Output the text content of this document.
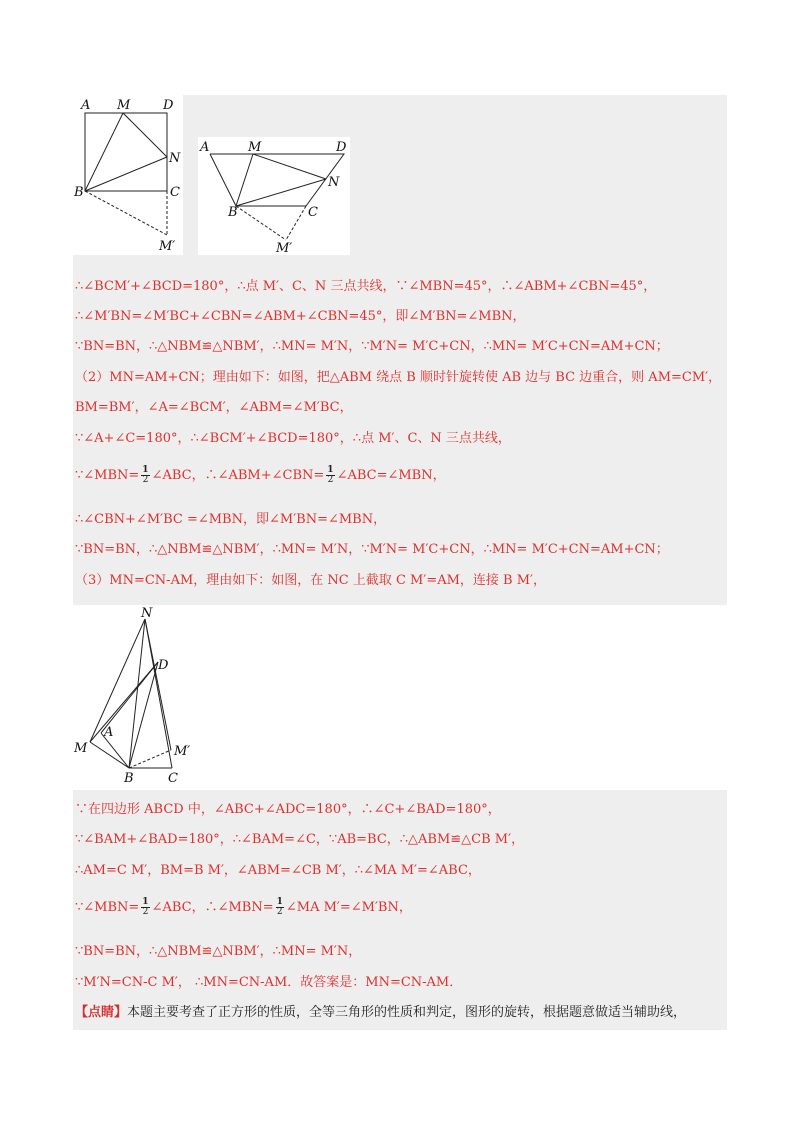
A M	D
N
B	C
M′
A	M	D
N
B	C
M′
∴∠BCM′+∠BCD=180°，∴点 M′、C、N 三点共线，∵∠MBN=45°，∴∠ABM+∠CBN=45°，
∴∠M′BN=∠M′BC+∠CBN=∠ABM+∠CBN=45°，即∠M′BN=∠MBN，
∵BN=BN，∴△NBM≌△NBM′，∴MN= M′N，∵M′N= M′C+CN，∴MN= M′C+CN=AM+CN；
（2）MN=AM+CN；理由如下：如图，把△ABM 绕点 B 顺时针旋转使 AB 边与 BC 边重合，则 AM=CM′，
BM=BM′，∠A=∠BCM′，∠ABM=∠M′BC，
∵∠A+∠C=180°，∴∠BCM′+∠BCD=180°，∴点 M′、C、N 三点共线，
∵∠MBN= $\frac{1}{2}$ ∠ABC，∴∠ABM+∠CBN= $\frac{1}{2}$ ∠ABC=∠MBN，
∴∠CBN+∠M′BC =∠MBN，即∠M′BN=∠MBN，
∵BN=BN，∴△NBM≌△NBM′，∴MN= M′N，∵M′N= M′C+CN，∴MN= M′C+CN=AM+CN；
（3）MN=CN-AM，理由如下：如图，在 NC 上截取 C M′=AM，连接 B M′，
N
D
A
M	M′
B	C
∵在四边形 ABCD 中，∠ABC+∠ADC=180°，∴∠C+∠BAD=180°，
∵∠BAM+∠BAD=180°，∴∠BAM=∠C，∵AB=BC，∴△ABM≌△CB M′，
∴AM=C M′，BM=B M′，∠ABM=∠CB M′，∴∠MA M′=∠ABC，
∵∠MBN= $\frac{1}{2}$ ∠ABC，∴∠MBN= $\frac{1}{2}$ ∠MA M′=∠M′BN，
∵BN=BN，∴△NBM≌△NBM′，∴MN= M′N，
∵M′N=CN-C M′， ∴MN=CN-AM．故答案是：MN=CN-AM．
【点睛】本题主要考查了正方形的性质，全等三角形的性质和判定，图形的旋转，根据题意做适当辅助线，
